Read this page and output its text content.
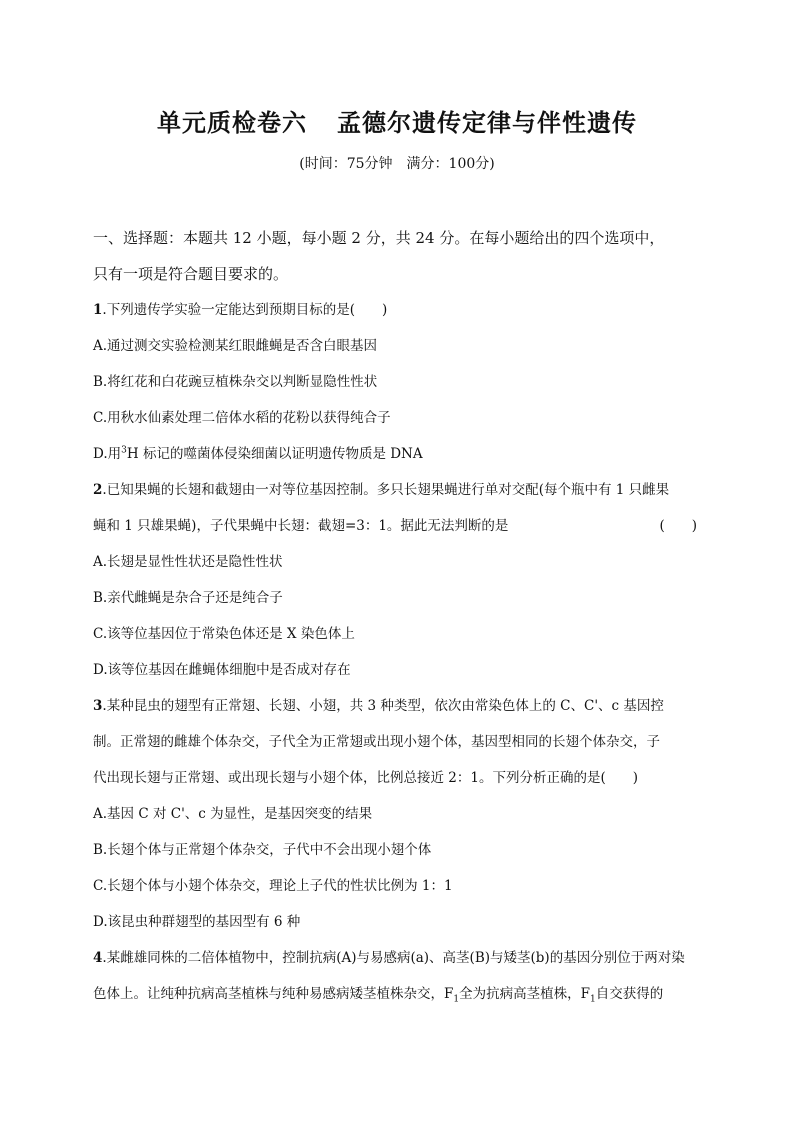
单元质检卷六 孟德尔遗传定律与伴性遗传
(时间：75分钟　满分：100分)
一、选择题：本题共 12 小题，每小题 2 分，共 24 分。在每小题给出的四个选项中，
只有一项是符合题目要求的。
1.下列遗传学实验一定能达到预期目标的是(　　)
A.通过测交实验检测某红眼雌蝇是否含白眼基因
B.将红花和白花豌豆植株杂交以判断显隐性性状
C.用秋水仙素处理二倍体水稻的花粉以获得纯合子
D.用$^3$H 标记的噬菌体侵染细菌以证明遗传物质是 DNA
2.已知果蝇的长翅和截翅由一对等位基因控制。多只长翅果蝇进行单对交配(每个瓶中有 1 只雌果
蝇和 1 只雄果蝇)，子代果蝇中长翅：截翅=3：1。据此无法判断的是	(　　)
A.长翅是显性性状还是隐性性状
B.亲代雌蝇是杂合子还是纯合子
C.该等位基因位于常染色体还是 X 染色体上
D.该等位基因在雌蝇体细胞中是否成对存在
3.某种昆虫的翅型有正常翅、长翅、小翅，共 3 种类型，依次由常染色体上的 C、C'、c 基因控
制。正常翅的雌雄个体杂交，子代全为正常翅或出现小翅个体，基因型相同的长翅个体杂交，子
代出现长翅与正常翅、或出现长翅与小翅个体，比例总接近 2：1。下列分析正确的是(　　)
A.基因 C 对 C'、c 为显性，是基因突变的结果
B.长翅个体与正常翅个体杂交，子代中不会出现小翅个体
C.长翅个体与小翅个体杂交，理论上子代的性状比例为 1：1
D.该昆虫种群翅型的基因型有 6 种
4.某雌雄同株的二倍体植物中，控制抗病(A)与易感病(a)、高茎(B)与矮茎(b)的基因分别位于两对染
色体上。让纯种抗病高茎植株与纯种易感病矮茎植株杂交，$F_1$全为抗病高茎植株，$F_1$自交获得的
